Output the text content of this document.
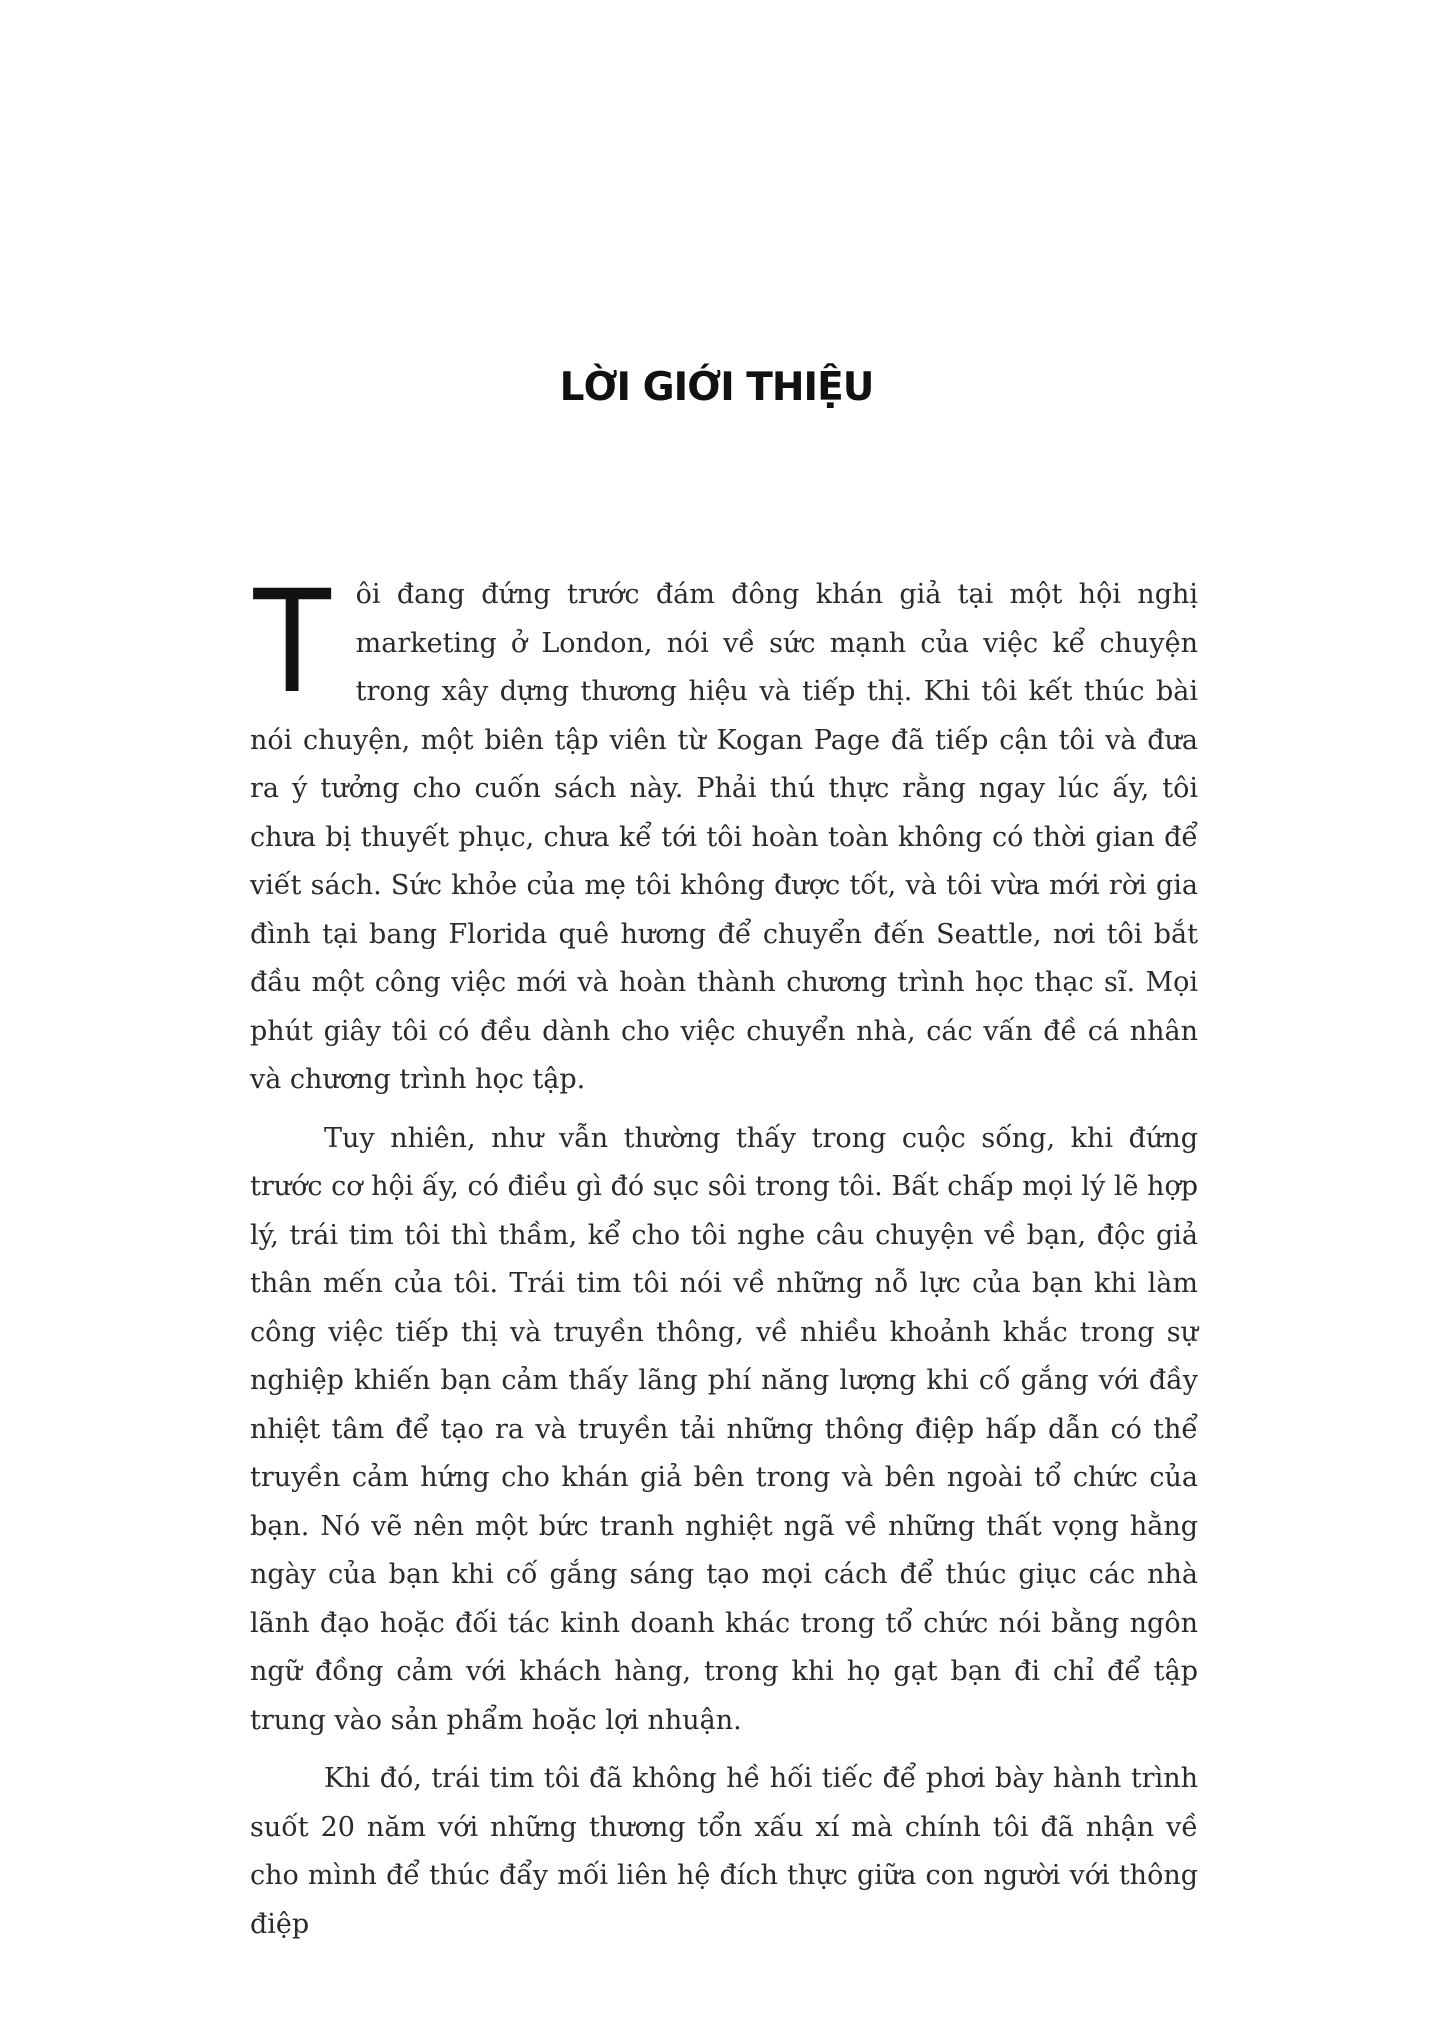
LỜI GIỚI THIỆU

Tôi đang đứng trước đám đông khán giả tại một hội nghị marketing ở London, nói về sức mạnh của việc kể chuyện trong xây dựng thương hiệu và tiếp thị. Khi tôi kết thúc bài nói chuyện, một biên tập viên từ Kogan Page đã tiếp cận tôi và đưa ra ý tưởng cho cuốn sách này. Phải thú thực rằng ngay lúc ấy, tôi chưa bị thuyết phục, chưa kể tới tôi hoàn toàn không có thời gian để viết sách. Sức khỏe của mẹ tôi không được tốt, và tôi vừa mới rời gia đình tại bang Florida quê hương để chuyển đến Seattle, nơi tôi bắt đầu một công việc mới và hoàn thành chương trình học thạc sĩ. Mọi phút giây tôi có đều dành cho việc chuyển nhà, các vấn đề cá nhân và chương trình học tập.

Tuy nhiên, như vẫn thường thấy trong cuộc sống, khi đứng trước cơ hội ấy, có điều gì đó sục sôi trong tôi. Bất chấp mọi lý lẽ hợp lý, trái tim tôi thì thầm, kể cho tôi nghe câu chuyện về bạn, độc giả thân mến của tôi. Trái tim tôi nói về những nỗ lực của bạn khi làm công việc tiếp thị và truyền thông, về nhiều khoảnh khắc trong sự nghiệp khiến bạn cảm thấy lãng phí năng lượng khi cố gắng với đầy nhiệt tâm để tạo ra và truyền tải những thông điệp hấp dẫn có thể truyền cảm hứng cho khán giả bên trong và bên ngoài tổ chức của bạn. Nó vẽ nên một bức tranh nghiệt ngã về những thất vọng hằng ngày của bạn khi cố gắng sáng tạo mọi cách để thúc giục các nhà lãnh đạo hoặc đối tác kinh doanh khác trong tổ chức nói bằng ngôn ngữ đồng cảm với khách hàng, trong khi họ gạt bạn đi chỉ để tập trung vào sản phẩm hoặc lợi nhuận.

Khi đó, trái tim tôi đã không hề hối tiếc để phơi bày hành trình suốt 20 năm với những thương tổn xấu xí mà chính tôi đã nhận về cho mình để thúc đẩy mối liên hệ đích thực giữa con người với thông điệp
